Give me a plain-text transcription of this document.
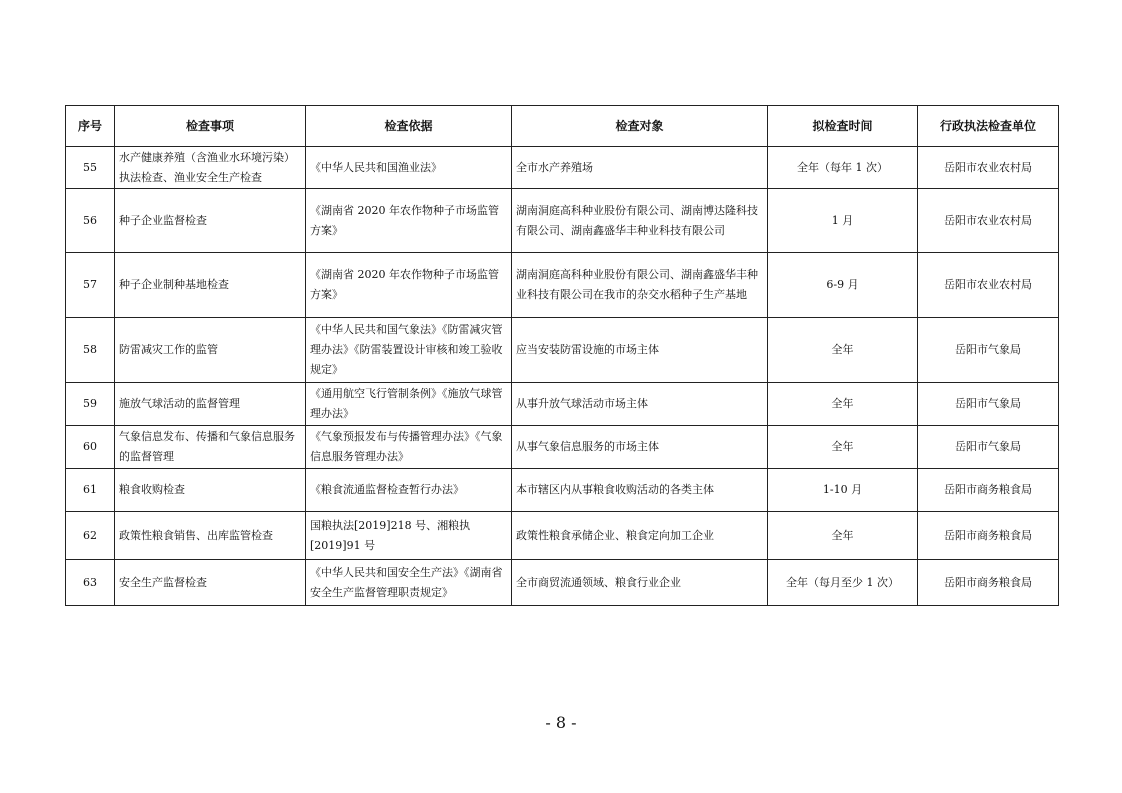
序号	检查事项	检查依据	检查对象	拟检查时间	行政执法检查单位
55	水产健康养殖（含渔业水环境污染）执法检查、渔业安全生产检查	《中华人民共和国渔业法》	全市水产养殖场	全年（每年 1 次）	岳阳市农业农村局
56	种子企业监督检查	《湖南省 2020 年农作物种子市场监管方案》	湖南洞庭高科种业股份有限公司、湖南博达隆科技有限公司、湖南鑫盛华丰种业科技有限公司	1 月	岳阳市农业农村局
57	种子企业制种基地检查	《湖南省 2020 年农作物种子市场监管方案》	湖南洞庭高科种业股份有限公司、湖南鑫盛华丰种业科技有限公司在我市的杂交水稻种子生产基地	6-9 月	岳阳市农业农村局
58	防雷减灾工作的监管	《中华人民共和国气象法》《防雷减灾管理办法》《防雷装置设计审核和竣工验收规定》	应当安装防雷设施的市场主体	全年	岳阳市气象局
59	施放气球活动的监督管理	《通用航空飞行管制条例》《施放气球管理办法》	从事升放气球活动市场主体	全年	岳阳市气象局
60	气象信息发布、传播和气象信息服务的监督管理	《气象预报发布与传播管理办法》《气象信息服务管理办法》	从事气象信息服务的市场主体	全年	岳阳市气象局
61	粮食收购检查	《粮食流通监督检查暂行办法》	本市辖区内从事粮食收购活动的各类主体	1-10 月	岳阳市商务粮食局
62	政策性粮食销售、出库监管检查	国粮执法[2019]218 号、湘粮执[2019]91 号	政策性粮食承储企业、粮食定向加工企业	全年	岳阳市商务粮食局
63	安全生产监督检查	《中华人民共和国安全生产法》《湖南省安全生产监督管理职责规定》	全市商贸流通领域、粮食行业企业	全年（每月至少 1 次）	岳阳市商务粮食局
- 8 -
